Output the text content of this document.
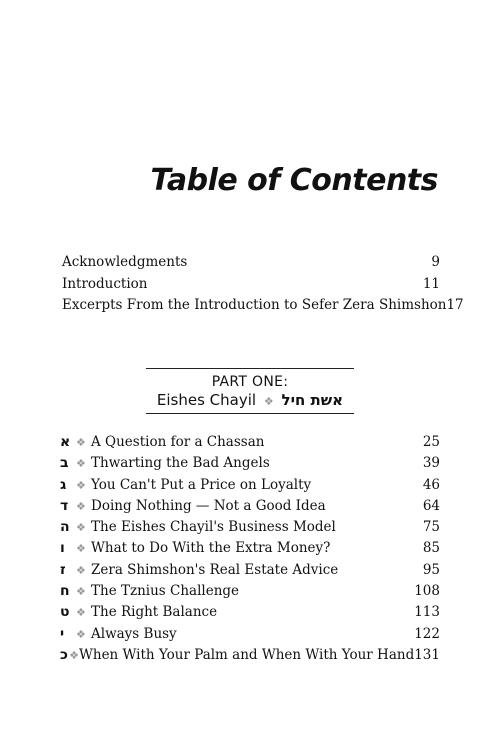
Table of Contents
Acknowledgments	9
Introduction	11
Excerpts From the Introduction to Sefer Zera Shimshon 17
PART ONE:
Eishes Chayil ❖ אשת חיל
א ❖ A Question for a Chassan	25
ב ❖ Thwarting the Bad Angels	39
ג ❖ You Can't Put a Price on Loyalty	46
ד ❖ Doing Nothing — Not a Good Idea	64
ה ❖ The Eishes Chayil's Business Model	75
ו	❖ What to Do With the Extra Money?	85
ז ❖ Zera Shimshon's Real Estate Advice	95
ח ❖ The Tznius Challenge	108
ט ❖ The Right Balance	113
י	❖ Always Busy	122
כ ❖ When With Your Palm and When With Your Hand 131
